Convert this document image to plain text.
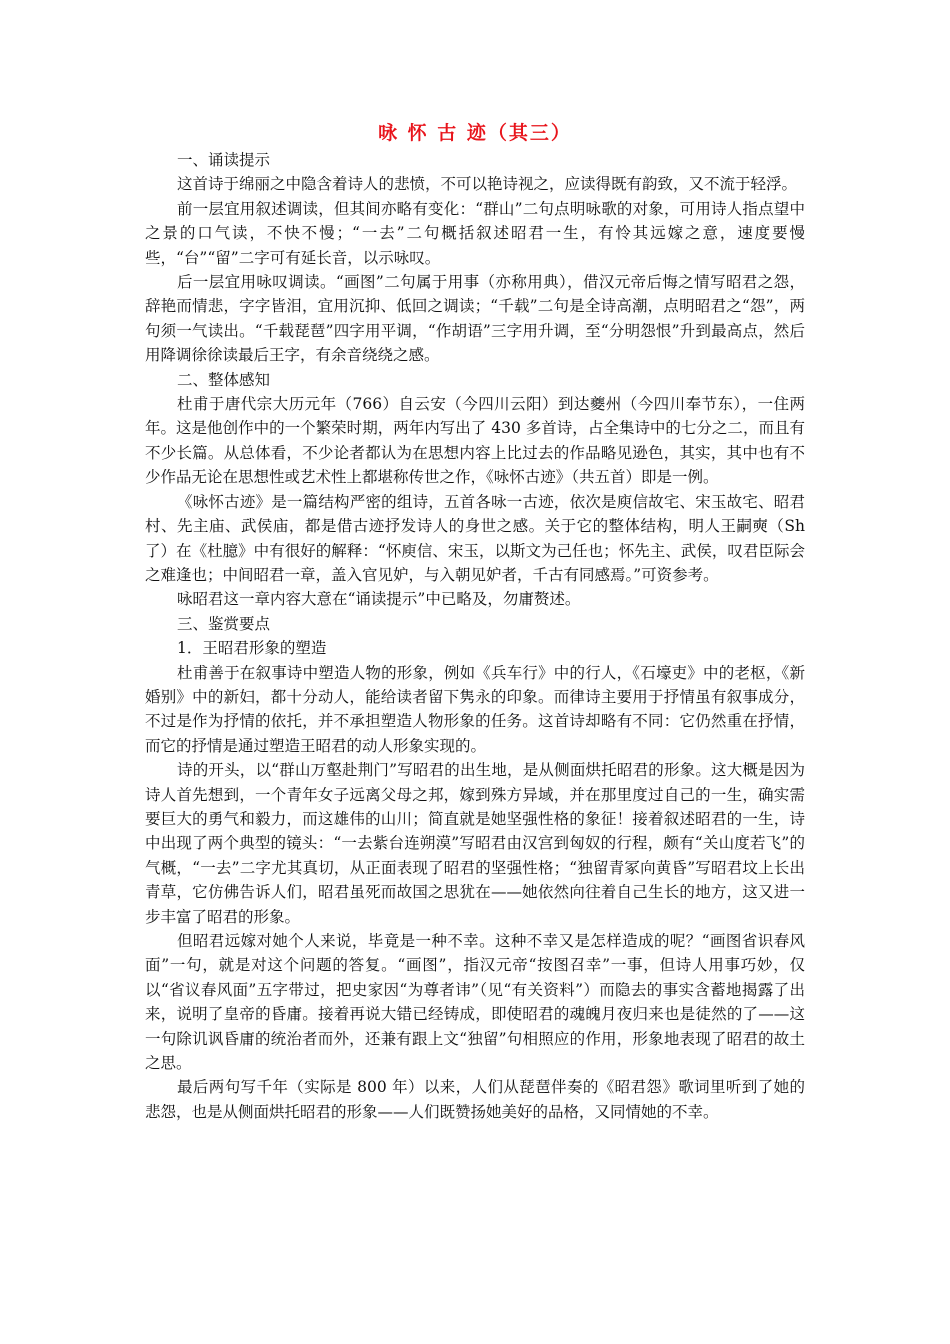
咏 怀 古 迹（其三）

一、诵读提示

这首诗于绵丽之中隐含着诗人的悲愤，不可以艳诗视之，应读得既有韵致，又不流于轻浮。

前一层宜用叙述调读，但其间亦略有变化：“群山”二句点明咏歌的对象，可用诗人指点望中之景的口气读，不快不慢；“一去”二句概括叙述昭君一生，有怜其远嫁之意，速度要慢些，“台”“留”二字可有延长音，以示咏叹。

后一层宜用咏叹调读。“画图”二句属于用事（亦称用典），借汉元帝后悔之情写昭君之怨，辞艳而情悲，字字皆泪，宜用沉抑、低回之调读；“千载”二句是全诗高潮，点明昭君之“怨”，两句须一气读出。“千载琵琶”四字用平调，“作胡语”三字用升调，至“分明怨恨”升到最高点，然后用降调徐徐读最后王字，有余音绕绕之感。

二、整体感知

杜甫于唐代宗大历元年（766）自云安（今四川云阳）到达夔州（今四川奉节东），一住两年。这是他创作中的一个繁荣时期，两年内写出了 430 多首诗，占全集诗中的七分之二，而且有不少长篇。从总体看，不少论者都认为在思想内容上比过去的作品略见逊色，其实，其中也有不少作品无论在思想性或艺术性上都堪称传世之作，《咏怀古迹》（共五首）即是一例。

《咏怀古迹》是一篇结构严密的组诗，五首各咏一古迹，依次是庾信故宅、宋玉故宅、昭君村、先主庙、武侯庙，都是借古迹抒发诗人的身世之感。关于它的整体结构，明人王嗣奭（Sh了）在《杜臆》中有很好的解释：“怀庾信、宋玉，以斯文为己任也；怀先主、武侯，叹君臣际会之难逢也；中间昭君一章，盖入官见妒，与入朝见妒者，千古有同感焉。”可资参考。

咏昭君这一章内容大意在“诵读提示”中已略及，勿庸赘述。

三、鉴赏要点

1．王昭君形象的塑造

杜甫善于在叙事诗中塑造人物的形象，例如《兵车行》中的行人，《石壕吏》中的老枢，《新婚别》中的新妇，都十分动人，能给读者留下隽永的印象。而律诗主要用于抒情虽有叙事成分，不过是作为抒情的依托，并不承担塑造人物形象的任务。这首诗却略有不同：它仍然重在抒情，而它的抒情是通过塑造王昭君的动人形象实现的。

诗的开头，以“群山万壑赴荆门”写昭君的出生地，是从侧面烘托昭君的形象。这大概是因为诗人首先想到，一个青年女子远离父母之邦，嫁到殊方异域，并在那里度过自己的一生，确实需要巨大的勇气和毅力，而这雄伟的山川；简直就是她坚强性格的象征！接着叙述昭君的一生，诗中出现了两个典型的镜头：“一去紫台连朔漠”写昭君由汉宫到匈奴的行程，颇有“关山度若飞”的气概，“一去”二字尤其真切，从正面表现了昭君的坚强性格；“独留青冢向黄昏”写昭君坟上长出青草，它仿佛告诉人们，昭君虽死而故国之思犹在——她依然向往着自己生长的地方，这又进一步丰富了昭君的形象。

但昭君远嫁对她个人来说，毕竟是一种不幸。这种不幸又是怎样造成的呢？“画图省识春风面”一句，就是对这个问题的答复。“画图”，指汉元帝“按图召幸”一事，但诗人用事巧妙，仅以“省议春风面”五字带过，把史家因“为尊者讳”（见“有关资料”）而隐去的事实含蓄地揭露了出来，说明了皇帝的昏庸。接着再说大错已经铸成，即使昭君的魂魄月夜归来也是徒然的了——这一句除讥讽昏庸的统治者而外，还兼有跟上文“独留”句相照应的作用，形象地表现了昭君的故土之思。

最后两句写千年（实际是 800 年）以来，人们从琵琶伴奏的《昭君怨》歌词里听到了她的悲怨，也是从侧面烘托昭君的形象——人们既赞扬她美好的品格，又同情她的不幸。
